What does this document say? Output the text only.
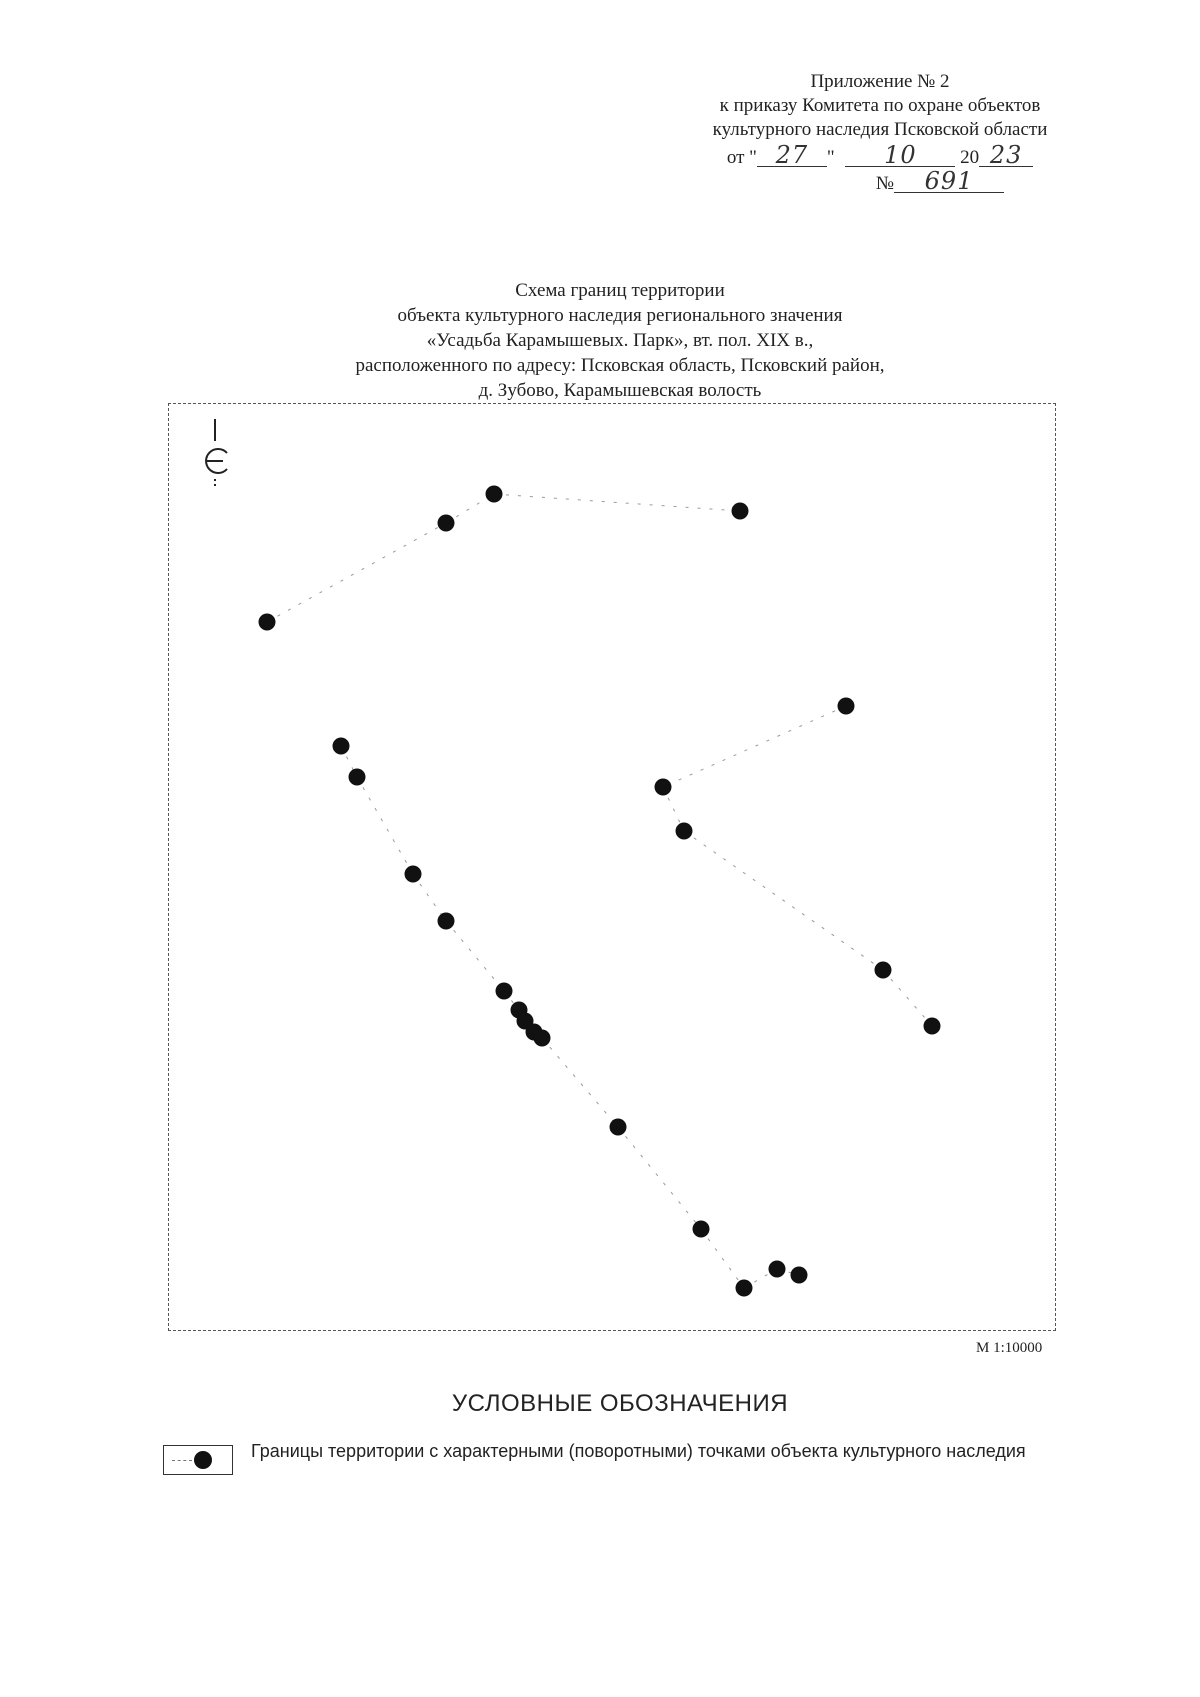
Приложение № 2
к приказу Комитета по охране объектов
культурного наследия Псковской области
от " 27 " 10 20 23
№ 691
Схема границ территории
объекта культурного наследия регионального значения
«Усадьба Карамышевых. Парк», вт. пол. XIX в.,
расположенного по адресу: Псковская область, Псковский район,
д. Зубово, Карамышевская волость
М 1:10000
УСЛОВНЫЕ ОБОЗНАЧЕНИЯ
Границы территории с характерными (поворотными) точками объекта культурного наследия
